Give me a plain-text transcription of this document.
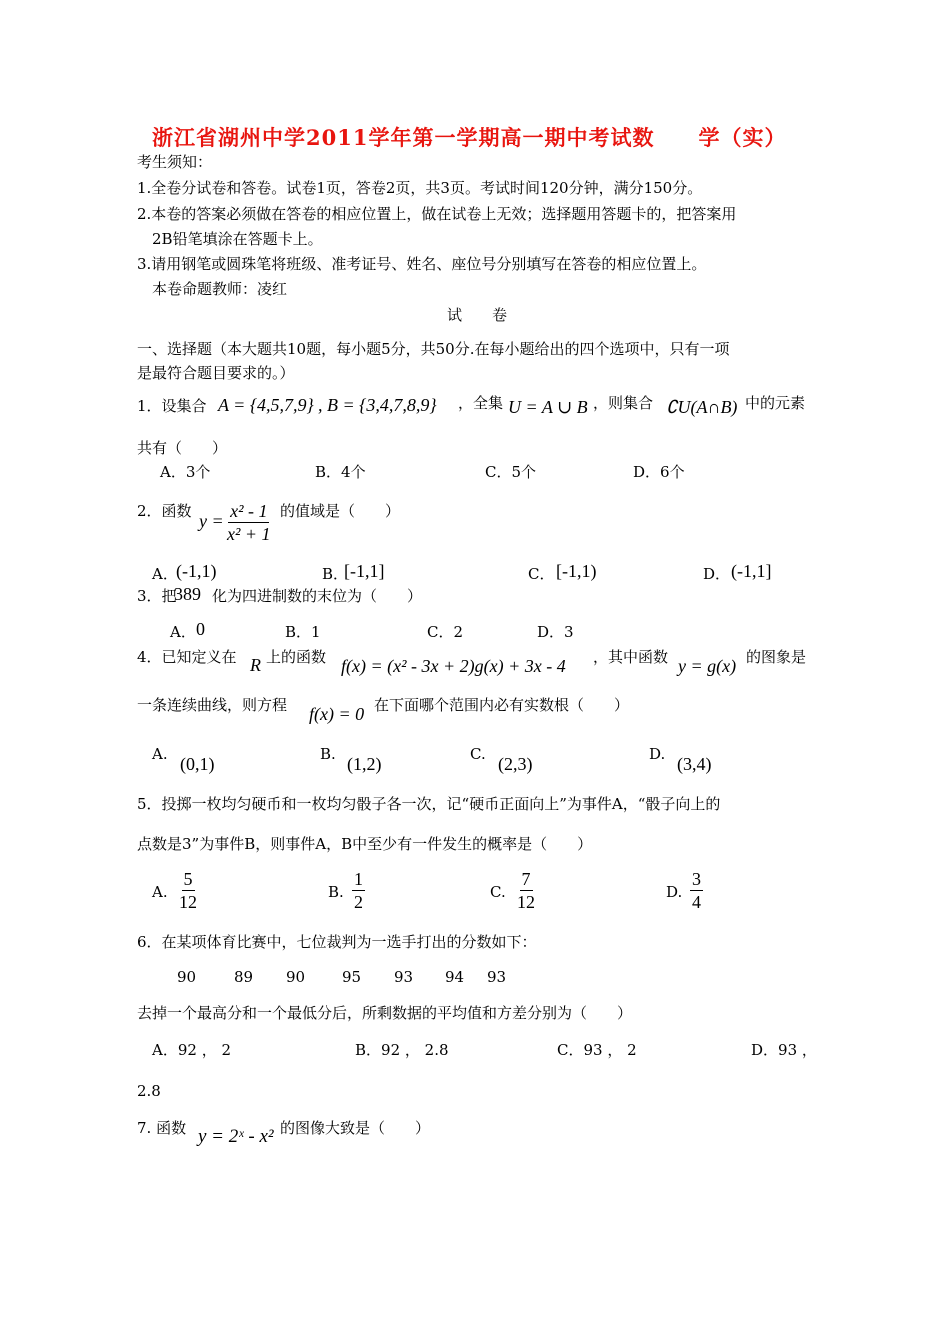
浙江省湖州中学2011学年第一学期高一期中考试数　　学（实）
考生须知：
1.全卷分试卷和答卷。试卷1页，答卷2页，共3页。考试时间120分钟，满分150分。
2.本卷的答案必须做在答卷的相应位置上，做在试卷上无效；选择题用答题卡的，把答案用
2B铅笔填涂在答题卡上。
3.请用钢笔或圆珠笔将班级、准考证号、姓名、座位号分别填写在答卷的相应位置上。
本卷命题教师：凌红
试　　卷
一、选择题（本大题共10题，每小题5分，共50分.在每小题给出的四个选项中，只有一项
是最符合题目要求的。）
1．设集合 A = {4,5,7,9} , B = {3,4,7,8,9} ，全集 U = A ∪ B ，则集合 ∁U(A∩B) 中的元素
共有（　　）
A．3个	B．4个	C．5个	D．6个
2．函数 $y = \frac{\text{x² - 1}}{\text{x² + 1}}$ 的值域是（　　）
A．
(-1,1)	B．
[-1,1]	C． [-1,1)	D． (-1,1]
3．把
389 化为四进制数的末位为（　　）
A． 0	B．1	C．2	D．3
4．已知定义在 R 上的函数 f(x) = (x² - 3x + 2)g(x) + 3x - 4 ，其中函数 y = g(x) 的图象是
一条连续曲线，则方程 f(x) = 0 在下面哪个范围内必有实数根（　　）
A. (0,1)	B. (1,2)	C. (2,3)	D. (3,4)
5．投掷一枚均匀硬币和一枚均匀骰子各一次，记“硬币正面向上”为事件A，“骰子向上的
点数是3”为事件B，则事件A，B中至少有一件发生的概率是（　　）
A. $\frac{5}{12}$	B. $\frac{1}{2}$	C. $\frac{7}{12}$	D. $\frac{3}{4}$
6．在某项体育比赛中，七位裁判为一选手打出的分数如下：
90	89 90 95 93 94 93
去掉一个最高分和一个最低分后，所剩数据的平均值和方差分别为（　　）
A．92 ， 2	B．92 ， 2.8	C．93 ， 2	D．93 ，
2.8
7. 函数 y = 2ˣ - x² 的图像大致是（　　）
